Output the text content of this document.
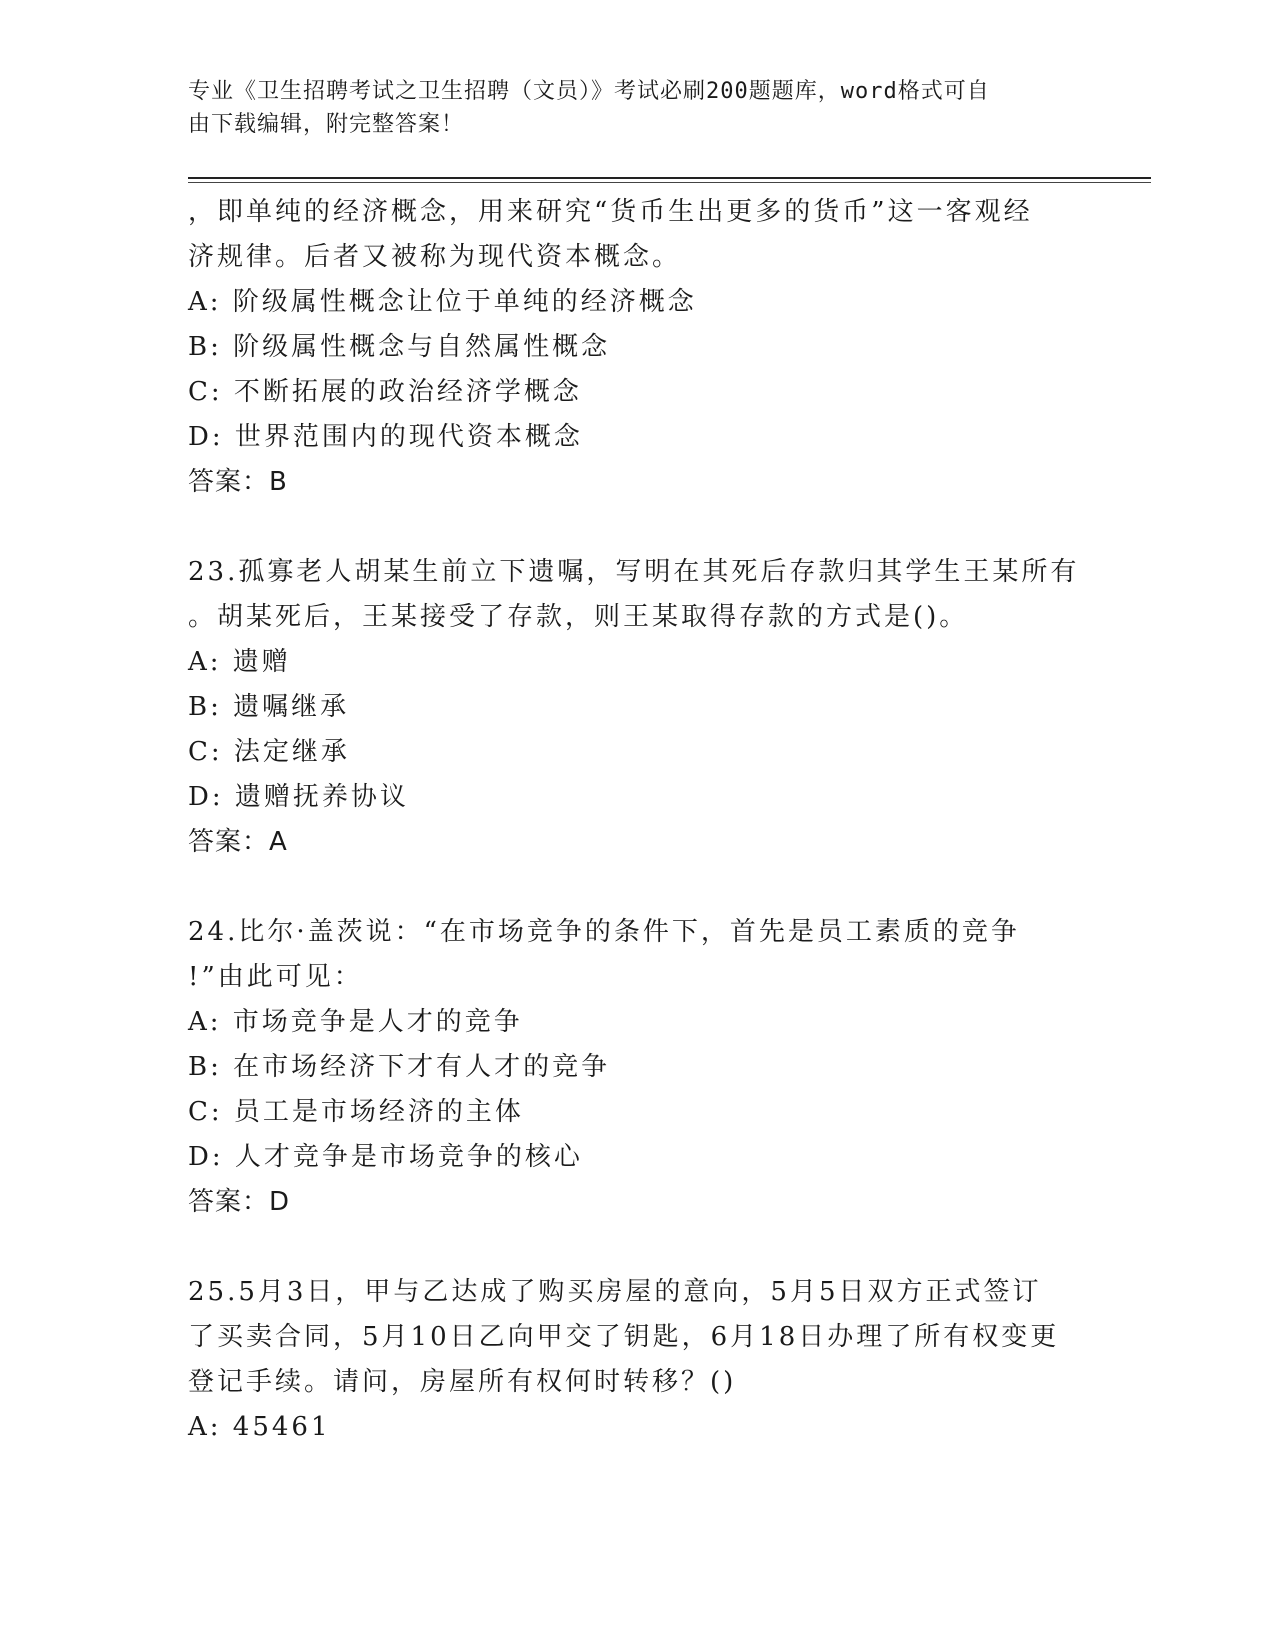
专业《卫生招聘考试之卫生招聘（文员）》考试必刷200题题库，word格式可自
由下载编辑，附完整答案！
，即单纯的经济概念，用来研究“货币生出更多的货币”这一客观经
济规律。后者又被称为现代资本概念。
A: 阶级属性概念让位于单纯的经济概念
B: 阶级属性概念与自然属性概念
C: 不断拓展的政治经济学概念
D: 世界范围内的现代资本概念
答案：B
23.孤寡老人胡某生前立下遗嘱，写明在其死后存款归其学生王某所有
。胡某死后，王某接受了存款，则王某取得存款的方式是()。
A: 遗赠
B: 遗嘱继承
C: 法定继承
D: 遗赠抚养协议
答案：A
24.比尔·盖茨说：“在市场竞争的条件下，首先是员工素质的竞争
!”由此可见：
A: 市场竞争是人才的竞争
B: 在市场经济下才有人才的竞争
C: 员工是市场经济的主体
D: 人才竞争是市场竞争的核心
答案：D
25.5月3日，甲与乙达成了购买房屋的意向，5月5日双方正式签订
了买卖合同，5月10日乙向甲交了钥匙，6月18日办理了所有权变更
登记手续。请问，房屋所有权何时转移？()
A: 45461
